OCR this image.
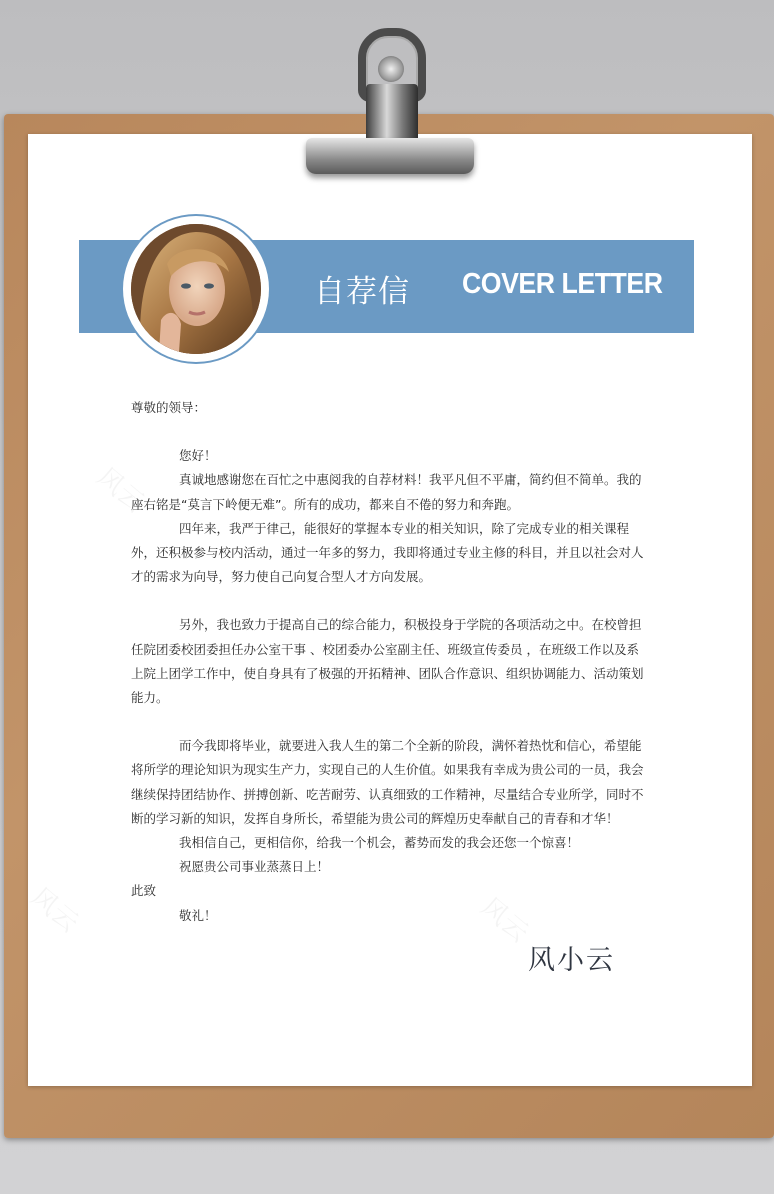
自荐信 COVER LETTER

尊敬的领导：

您好！

真诚地感谢您在百忙之中惠阅我的自荐材料！我平凡但不平庸，简约但不简单。我的座右铭是“莫言下岭便无难”。所有的成功，都来自不倦的努力和奔跑。

四年来，我严于律己，能很好的掌握本专业的相关知识，除了完成专业的相关课程外，还积极参与校内活动，通过一年多的努力，我即将通过专业主修的科目，并且以社会对人才的需求为向导，努力使自己向复合型人才方向发展。

另外，我也致力于提高自己的综合能力，积极投身于学院的各项活动之中。在校曾担任院团委校团委担任办公室干事 、校团委办公室副主任、班级宣传委员 ，在班级工作以及系上院上团学工作中，使自身具有了极强的开拓精神、团队合作意识、组织协调能力、活动策划能力。

而今我即将毕业，就要进入我人生的第二个全新的阶段，满怀着热忱和信心，希望能将所学的理论知识为现实生产力，实现自己的人生价值。如果我有幸成为贵公司的一员，我会继续保持团结协作、拼搏创新、吃苦耐劳、认真细致的工作精神，尽量结合专业所学，同时不断的学习新的知识，发挥自身所长，希望能为贵公司的辉煌历史奉献自己的青春和才华！

我相信自己，更相信你，给我一个机会，蓄势而发的我会还您一个惊喜！

祝愿贵公司事业蒸蒸日上！

此致

敬礼！

风小云
